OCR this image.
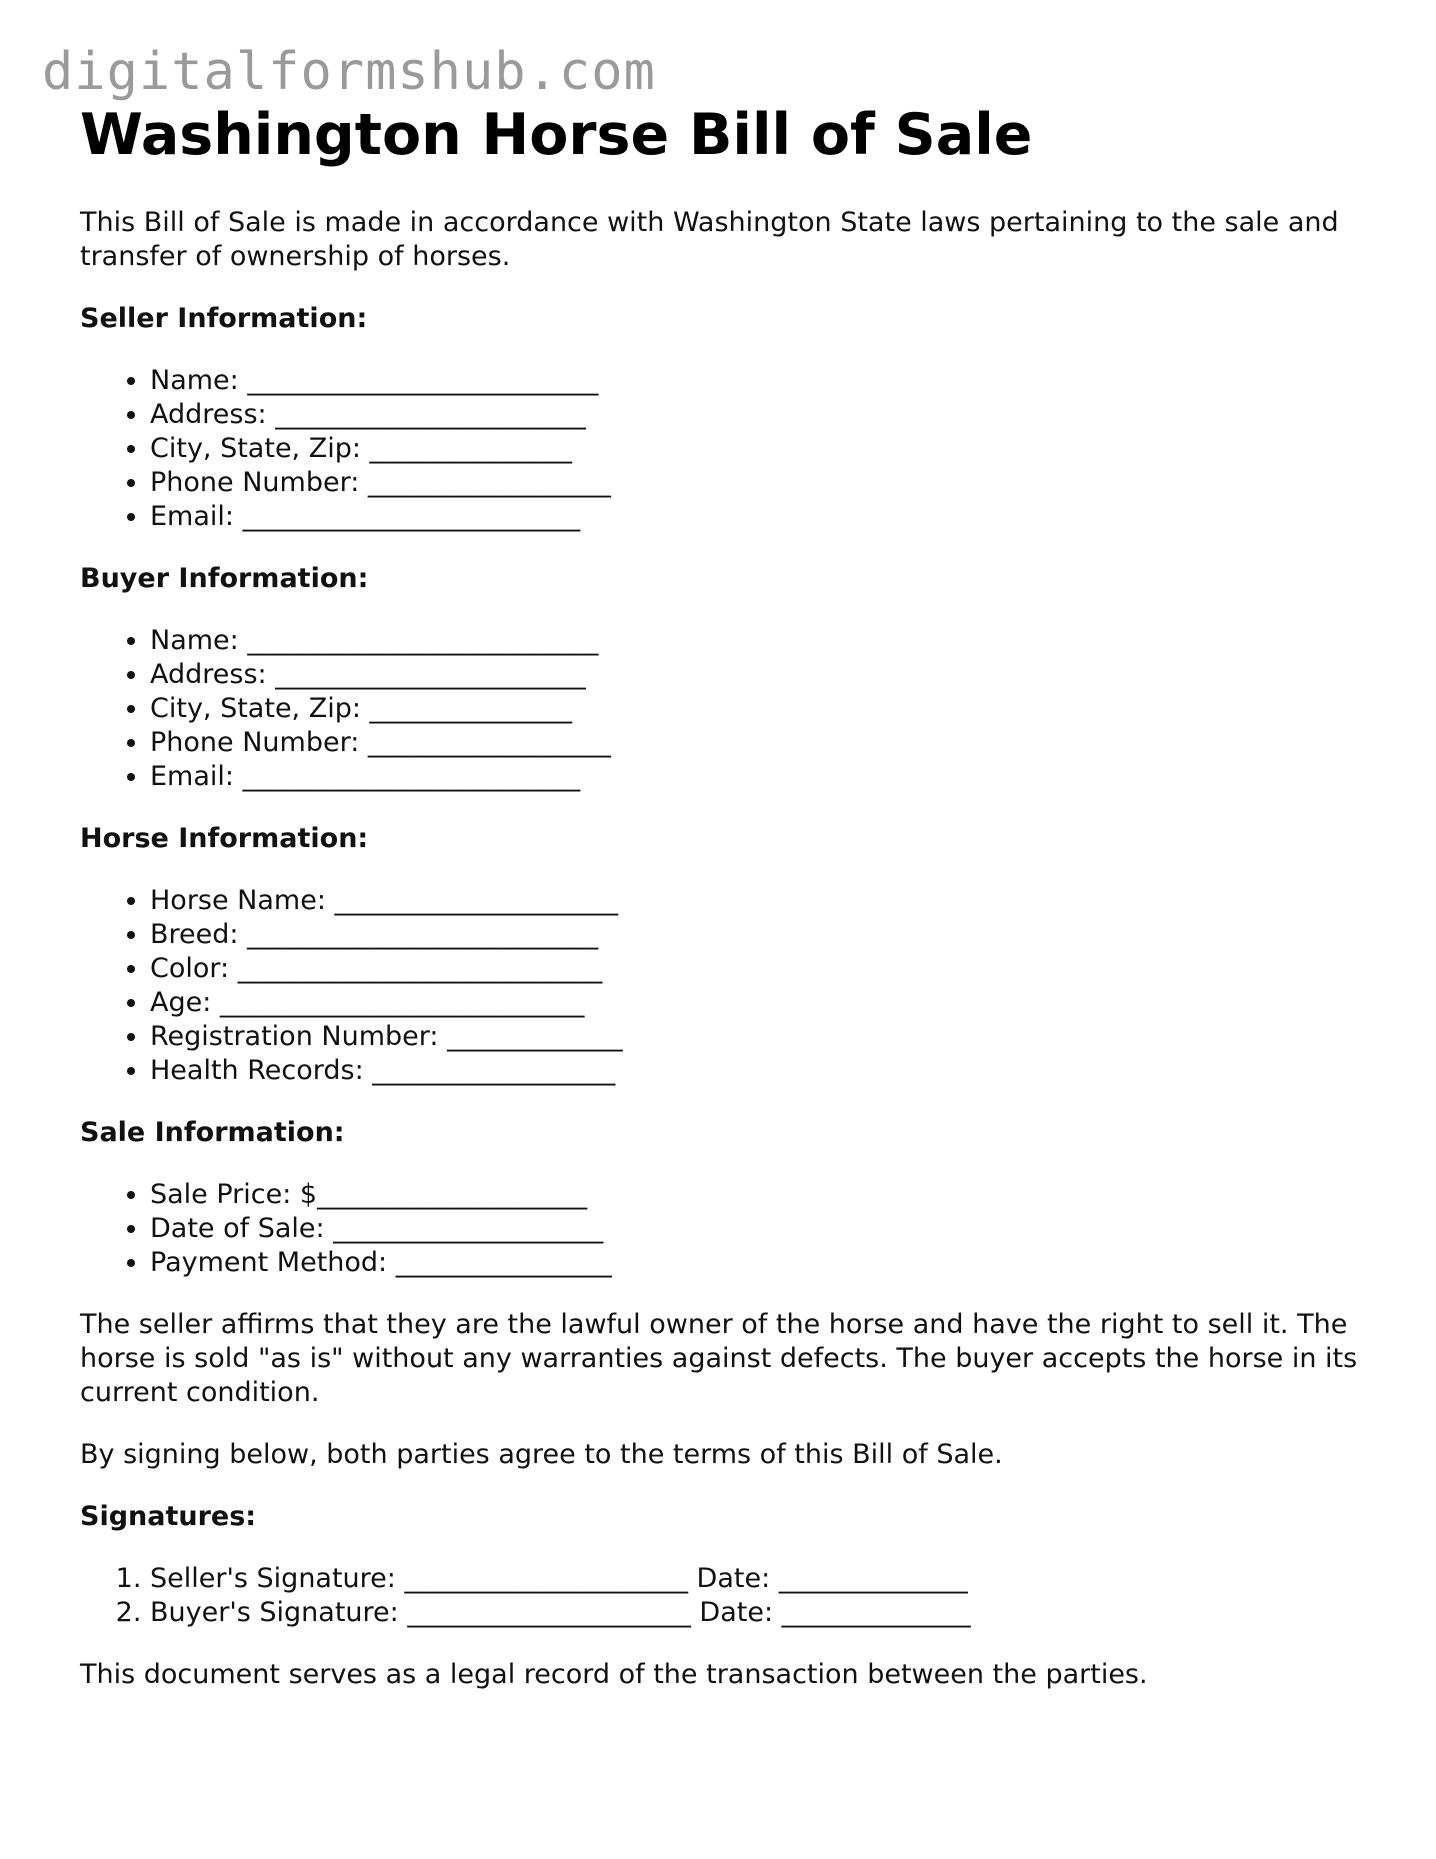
digitalformshub.com
Washington Horse Bill of Sale

This Bill of Sale is made in accordance with Washington State laws pertaining to the sale and transfer of ownership of horses.

Seller Information:
• Name: __________________________
• Address: _______________________
• City, State, Zip: _______________
• Phone Number: __________________
• Email: _________________________
Buyer Information:
• Name: __________________________
• Address: _______________________
• City, State, Zip: _______________
• Phone Number: __________________
• Email: _________________________
Horse Information:
• Horse Name: _____________________
• Breed: __________________________
• Color: ___________________________
• Age: ___________________________
• Registration Number: _____________
• Health Records: __________________
Sale Information:
• Sale Price: $____________________
• Date of Sale: ____________________
• Payment Method: ________________

The seller affirms that they are the lawful owner of the horse and have the right to sell it. The horse is sold "as is" without any warranties against defects. The buyer accepts the horse in its current condition.

By signing below, both parties agree to the terms of this Bill of Sale.

Signatures:
1. Seller's Signature: _____________________ Date: ______________
2. Buyer's Signature: _____________________ Date: ______________

This document serves as a legal record of the transaction between the parties.
